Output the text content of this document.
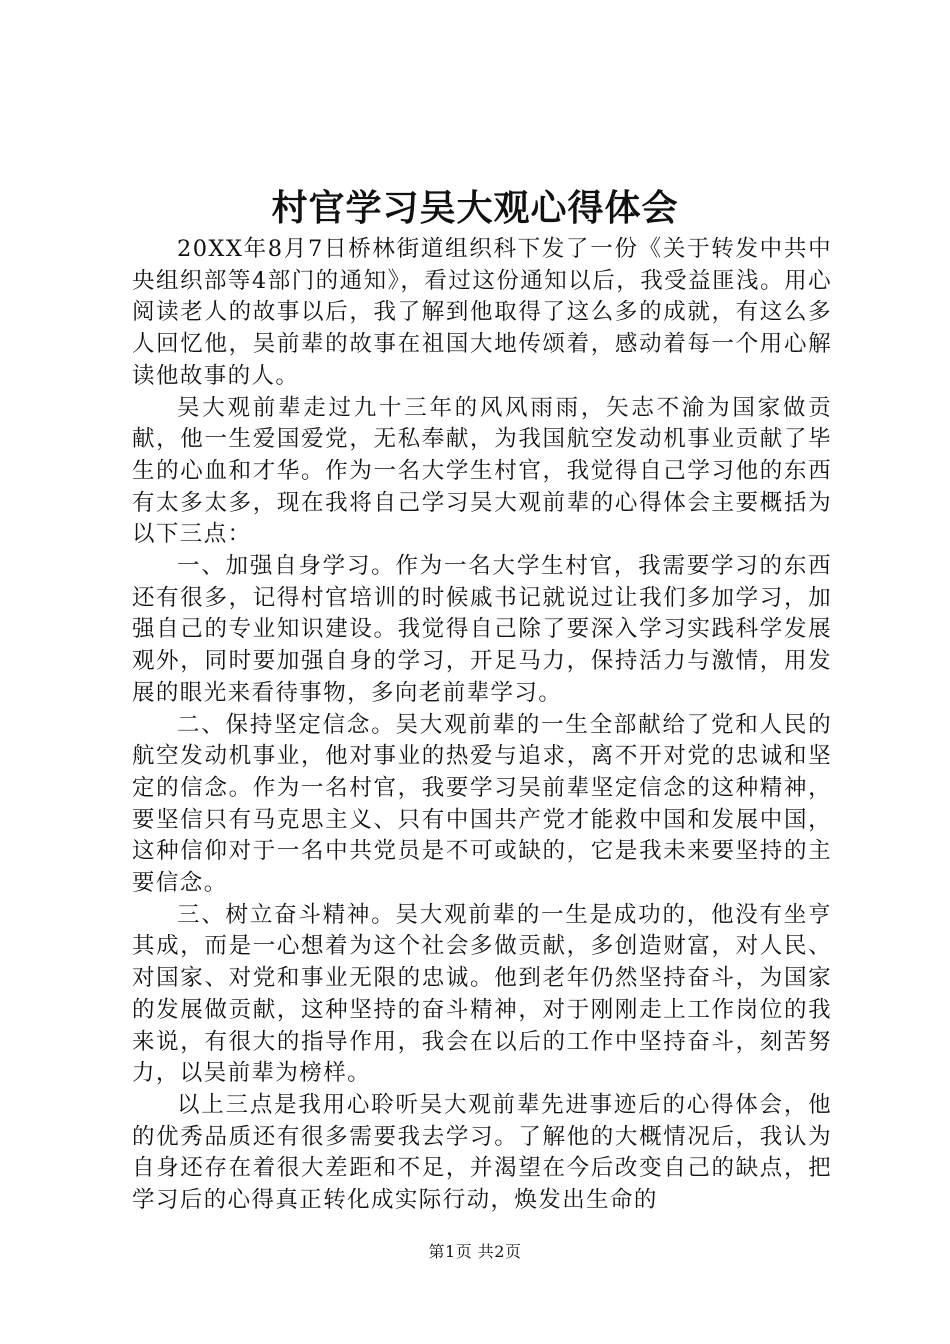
村官学习吴大观心得体会

20XX年8月7日桥林街道组织科下发了一份《关于转发中共中央组织部等4部门的通知》，看过这份通知以后，我受益匪浅。用心阅读老人的故事以后，我了解到他取得了这么多的成就，有这么多人回忆他，吴前辈的故事在祖国大地传颂着，感动着每一个用心解读他故事的人。

吴大观前辈走过九十三年的风风雨雨，矢志不渝为国家做贡献，他一生爱国爱党，无私奉献，为我国航空发动机事业贡献了毕生的心血和才华。作为一名大学生村官，我觉得自己学习他的东西有太多太多，现在我将自己学习吴大观前辈的心得体会主要概括为以下三点：

一、加强自身学习。作为一名大学生村官，我需要学习的东西还有很多，记得村官培训的时候戚书记就说过让我们多加学习，加强自己的专业知识建设。我觉得自己除了要深入学习实践科学发展观外，同时要加强自身的学习，开足马力，保持活力与激情，用发展的眼光来看待事物，多向老前辈学习。

二、保持坚定信念。吴大观前辈的一生全部献给了党和人民的航空发动机事业，他对事业的热爱与追求，离不开对党的忠诚和坚定的信念。作为一名村官，我要学习吴前辈坚定信念的这种精神，要坚信只有马克思主义、只有中国共产党才能救中国和发展中国，这种信仰对于一名中共党员是不可或缺的，它是我未来要坚持的主要信念。

三、树立奋斗精神。吴大观前辈的一生是成功的，他没有坐亨其成，而是一心想着为这个社会多做贡献，多创造财富，对人民、对国家、对党和事业无限的忠诚。他到老年仍然坚持奋斗，为国家的发展做贡献，这种坚持的奋斗精神，对于刚刚走上工作岗位的我来说，有很大的指导作用，我会在以后的工作中坚持奋斗，刻苦努力，以吴前辈为榜样。

以上三点是我用心聆听吴大观前辈先进事迹后的心得体会，他的优秀品质还有很多需要我去学习。了解他的大概情况后，我认为自身还存在着很大差距和不足，并渴望在今后改变自己的缺点，把学习后的心得真正转化成实际行动，焕发出生命的

第1页 共2页
